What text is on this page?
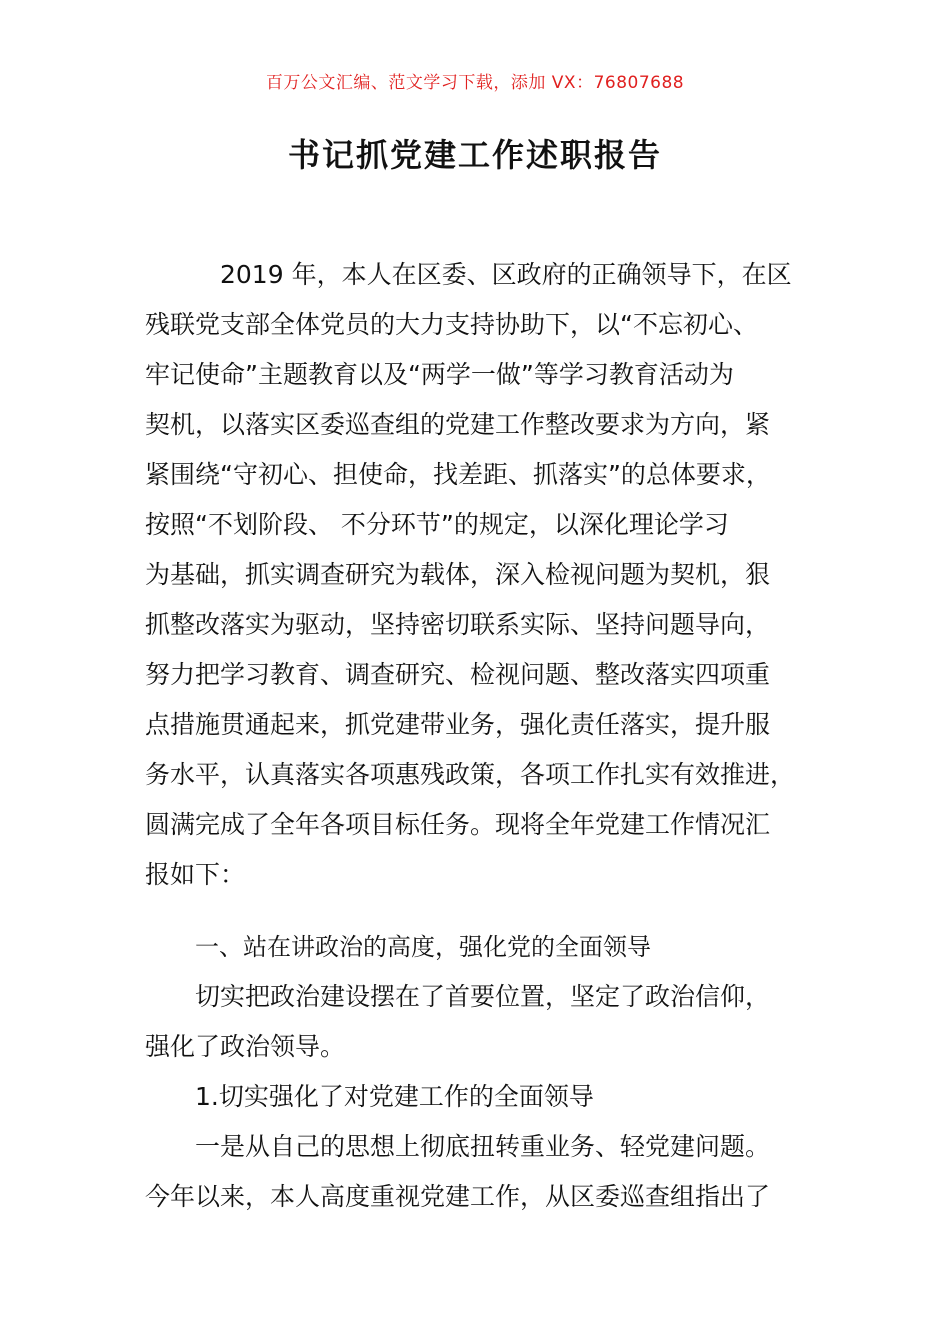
百万公文汇编、范文学习下载，添加 VX：76807688
书记抓党建工作述职报告
2019 年，本人在区委、区政府的正确领导下，在区
残联党支部全体党员的大力支持协助下，以“不忘初心、
牢记使命”主题教育以及“两学一做”等学习教育活动为
契机，以落实区委巡查组的党建工作整改要求为方向，紧
紧围绕“守初心、担使命，找差距、抓落实”的总体要求，
按照“不划阶段、 不分环节”的规定，以深化理论学习
为基础，抓实调查研究为载体，深入检视问题为契机，狠
抓整改落实为驱动，坚持密切联系实际、坚持问题导向，
努力把学习教育、调查研究、检视问题、整改落实四项重
点措施贯通起来，抓党建带业务，强化责任落实，提升服
务水平，认真落实各项惠残政策，各项工作扎实有效推进，
圆满完成了全年各项目标任务。现将全年党建工作情况汇
报如下：
一、站在讲政治的高度，强化党的全面领导
切实把政治建设摆在了首要位置，坚定了政治信仰，
强化了政治领导。
1.切实强化了对党建工作的全面领导
一是从自己的思想上彻底扭转重业务、轻党建问题。
今年以来，本人高度重视党建工作，从区委巡查组指出了
